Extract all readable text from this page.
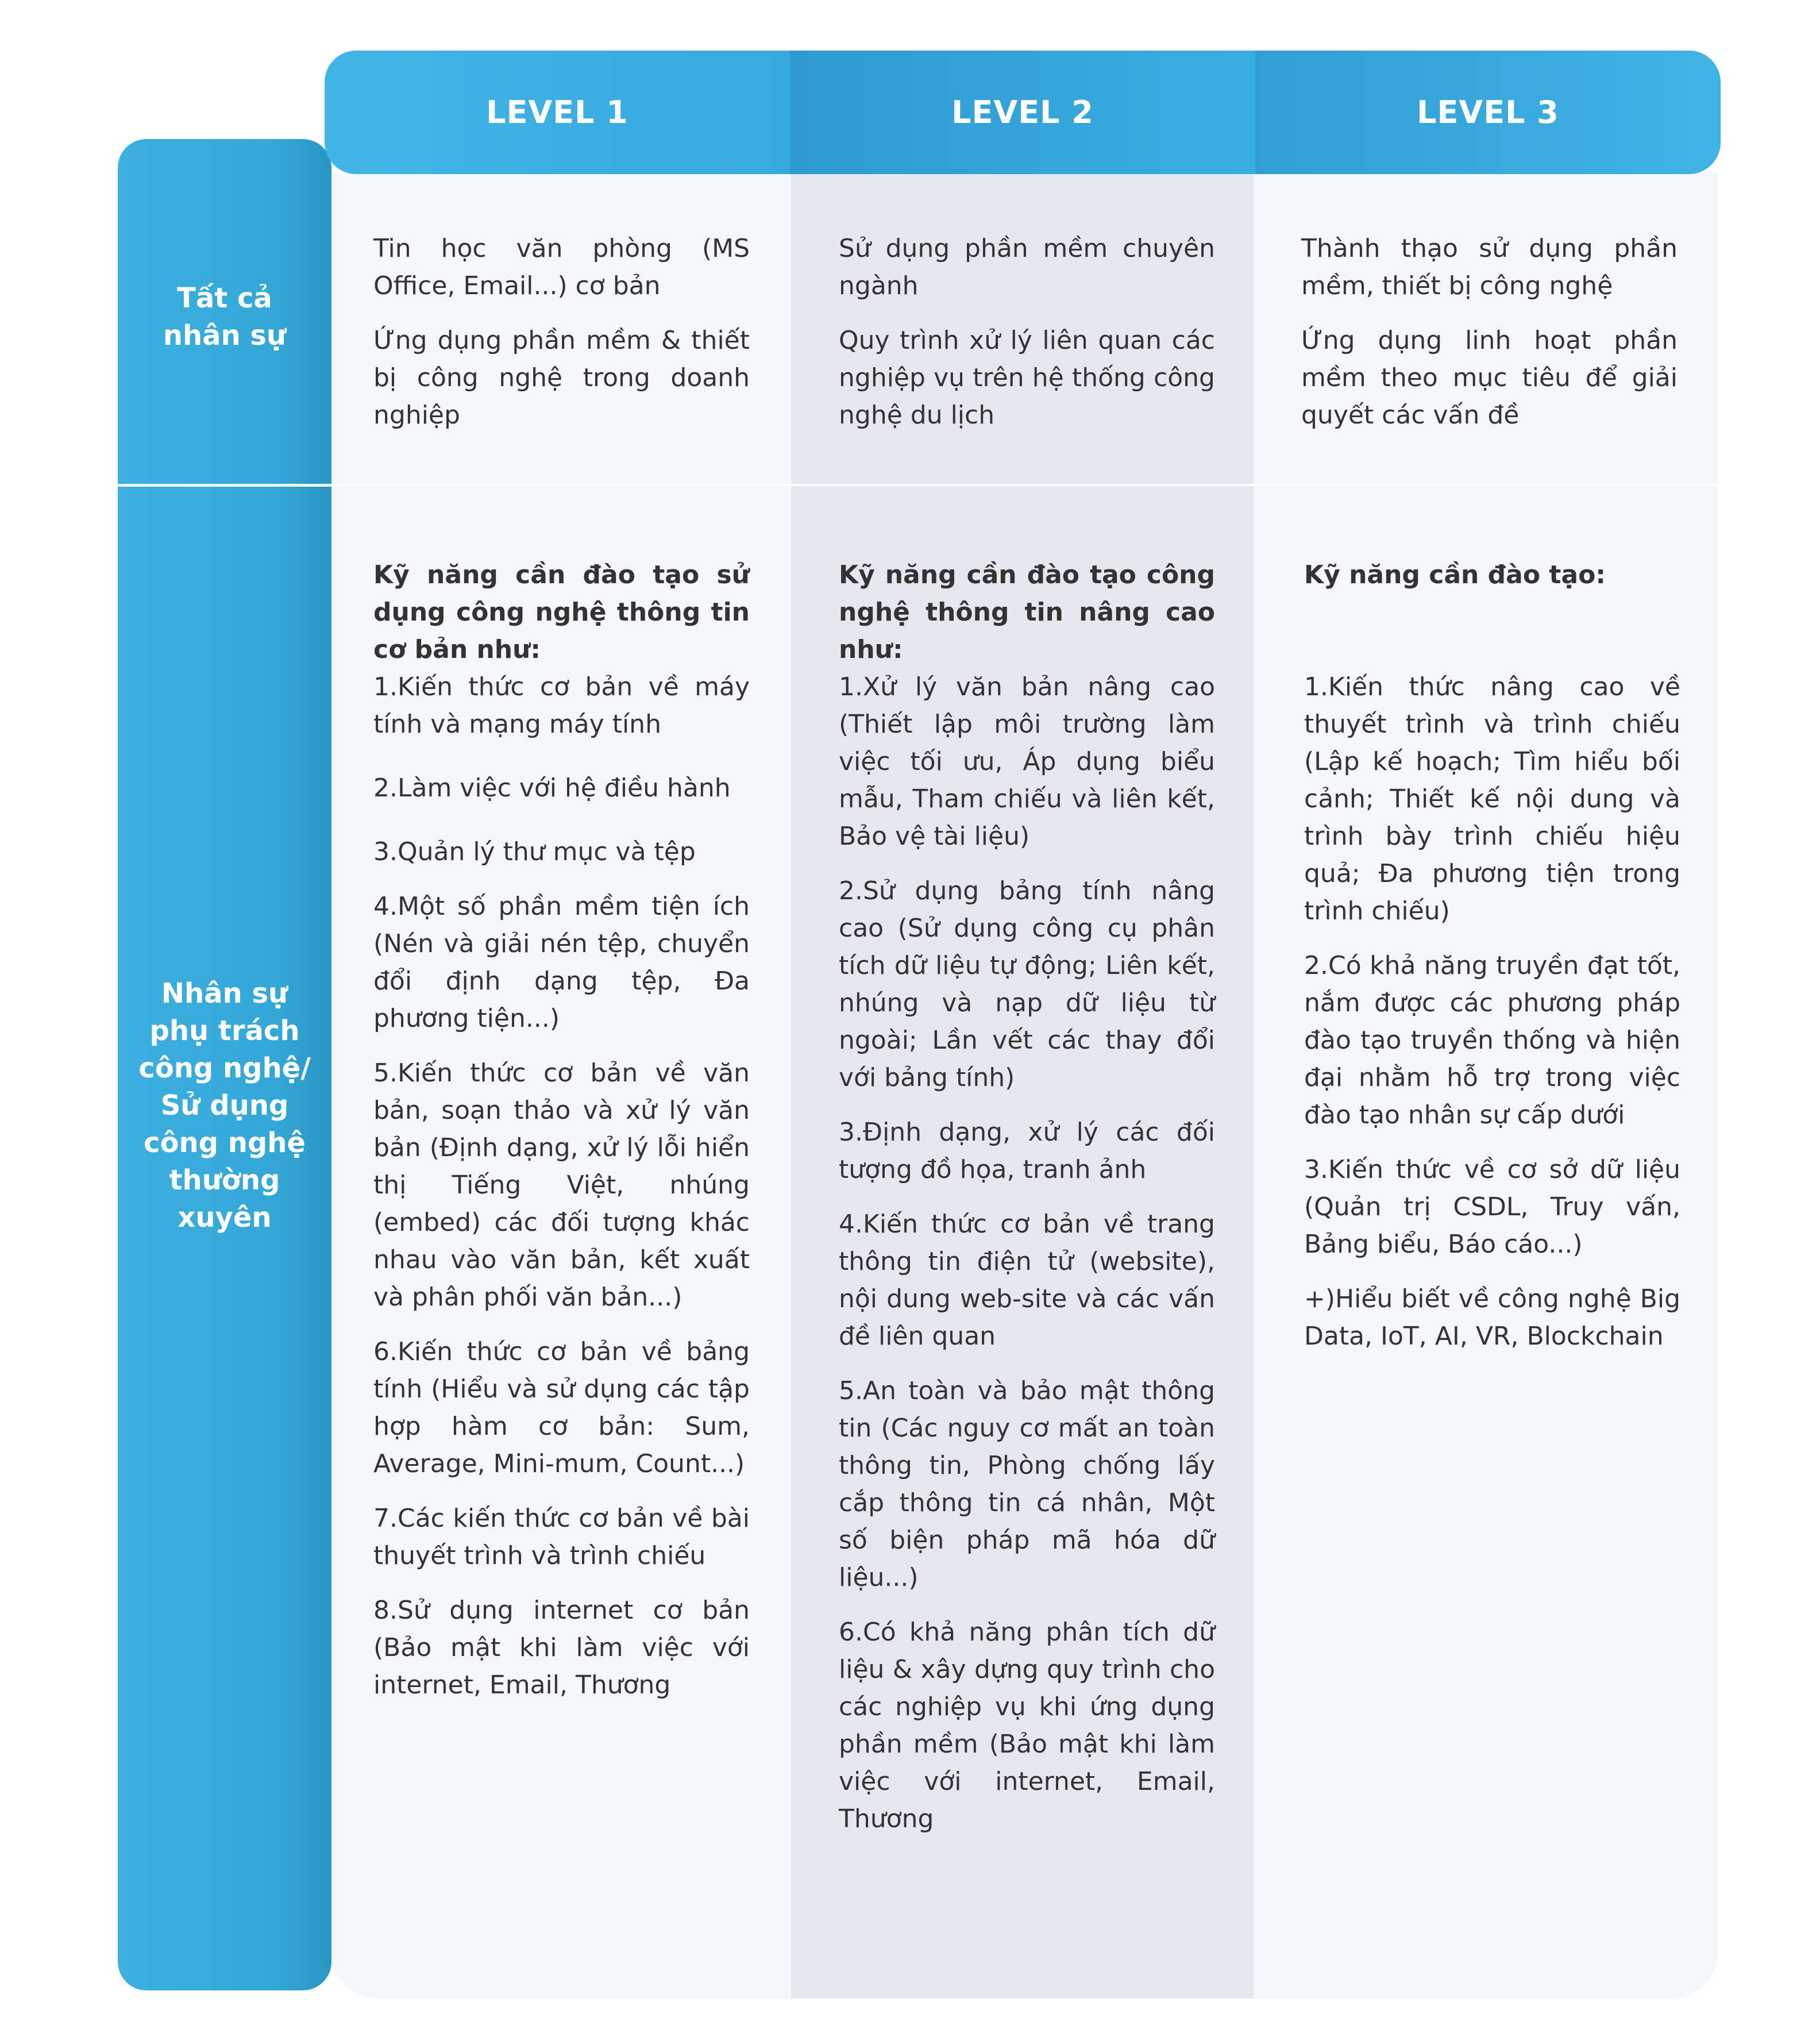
Tất cả
nhân sự
Nhân sự
phụ trách
công nghệ/
Sử dụng
công nghệ
thường
xuyên

Tin học văn phòng (MS Office, Email...) cơ bản

Ứng dụng phần mềm & thiết bị công nghệ trong doanh nghiệp

Sử dụng phần mềm chuyên ngành

Quy trình xử lý liên quan các nghiệp vụ trên hệ thống công nghệ du lịch

Thành thạo sử dụng phần mềm, thiết bị công nghệ

Ứng dụng linh hoạt phần mềm theo mục tiêu để giải quyết các vấn đề

Kỹ năng cần đào tạo sử dụng công nghệ thông tin cơ bản như:

1.Kiến thức cơ bản về máy tính và mạng máy tính

2.Làm việc với hệ điều hành

3.Quản lý thư mục và tệp

4.Một số phần mềm tiện ích (Nén và giải nén tệp, chuyển đổi định dạng tệp, Đa phương tiện...)

5.Kiến thức cơ bản về văn bản, soạn thảo và xử lý văn bản (Định dạng, xử lý lỗi hiển thị Tiếng Việt, nhúng (embed) các đối tượng khác nhau vào văn bản, kết xuất và phân phối văn bản...)

6.Kiến thức cơ bản về bảng tính (Hiểu và sử dụng các tập hợp hàm cơ bản: Sum, Average, Mini-mum, Count...)

7.Các kiến thức cơ bản về bài thuyết trình và trình chiếu

8.Sử dụng internet cơ bản (Bảo mật khi làm việc với internet, Email, Thương

Kỹ năng cần đào tạo công nghệ thông tin nâng cao như:

1.Xử lý văn bản nâng cao (Thiết lập môi trường làm việc tối ưu, Áp dụng biểu mẫu, Tham chiếu và liên kết, Bảo vệ tài liệu)

2.Sử dụng bảng tính nâng cao (Sử dụng công cụ phân tích dữ liệu tự động; Liên kết, nhúng và nạp dữ liệu từ ngoài; Lần vết các thay đổi với bảng tính)

3.Định dạng, xử lý các đối tượng đồ họa, tranh ảnh

4.Kiến thức cơ bản về trang thông tin điện tử (website), nội dung web-site và các vấn đề liên quan

5.An toàn và bảo mật thông tin (Các nguy cơ mất an toàn thông tin, Phòng chống lấy cắp thông tin cá nhân, Một số biện pháp mã hóa dữ liệu...)

6.Có khả năng phân tích dữ liệu & xây dựng quy trình cho các nghiệp vụ khi ứng dụng phần mềm (Bảo mật khi làm việc với internet, Email, Thương

Kỹ năng cần đào tạo:

1.Kiến thức nâng cao về thuyết trình và trình chiếu (Lập kế hoạch; Tìm hiểu bối cảnh; Thiết kế nội dung và trình bày trình chiếu hiệu quả; Đa phương tiện trong trình chiếu)

2.Có khả năng truyền đạt tốt, nắm được các phương pháp đào tạo truyền thống và hiện đại nhằm hỗ trợ trong việc đào tạo nhân sự cấp dưới

3.Kiến thức về cơ sở dữ liệu (Quản trị CSDL, Truy vấn, Bảng biểu, Báo cáo...)

+)Hiểu biết về công nghệ Big Data, IoT, AI, VR, Blockchain

LEVEL 1	LEVEL 2	LEVEL 3
